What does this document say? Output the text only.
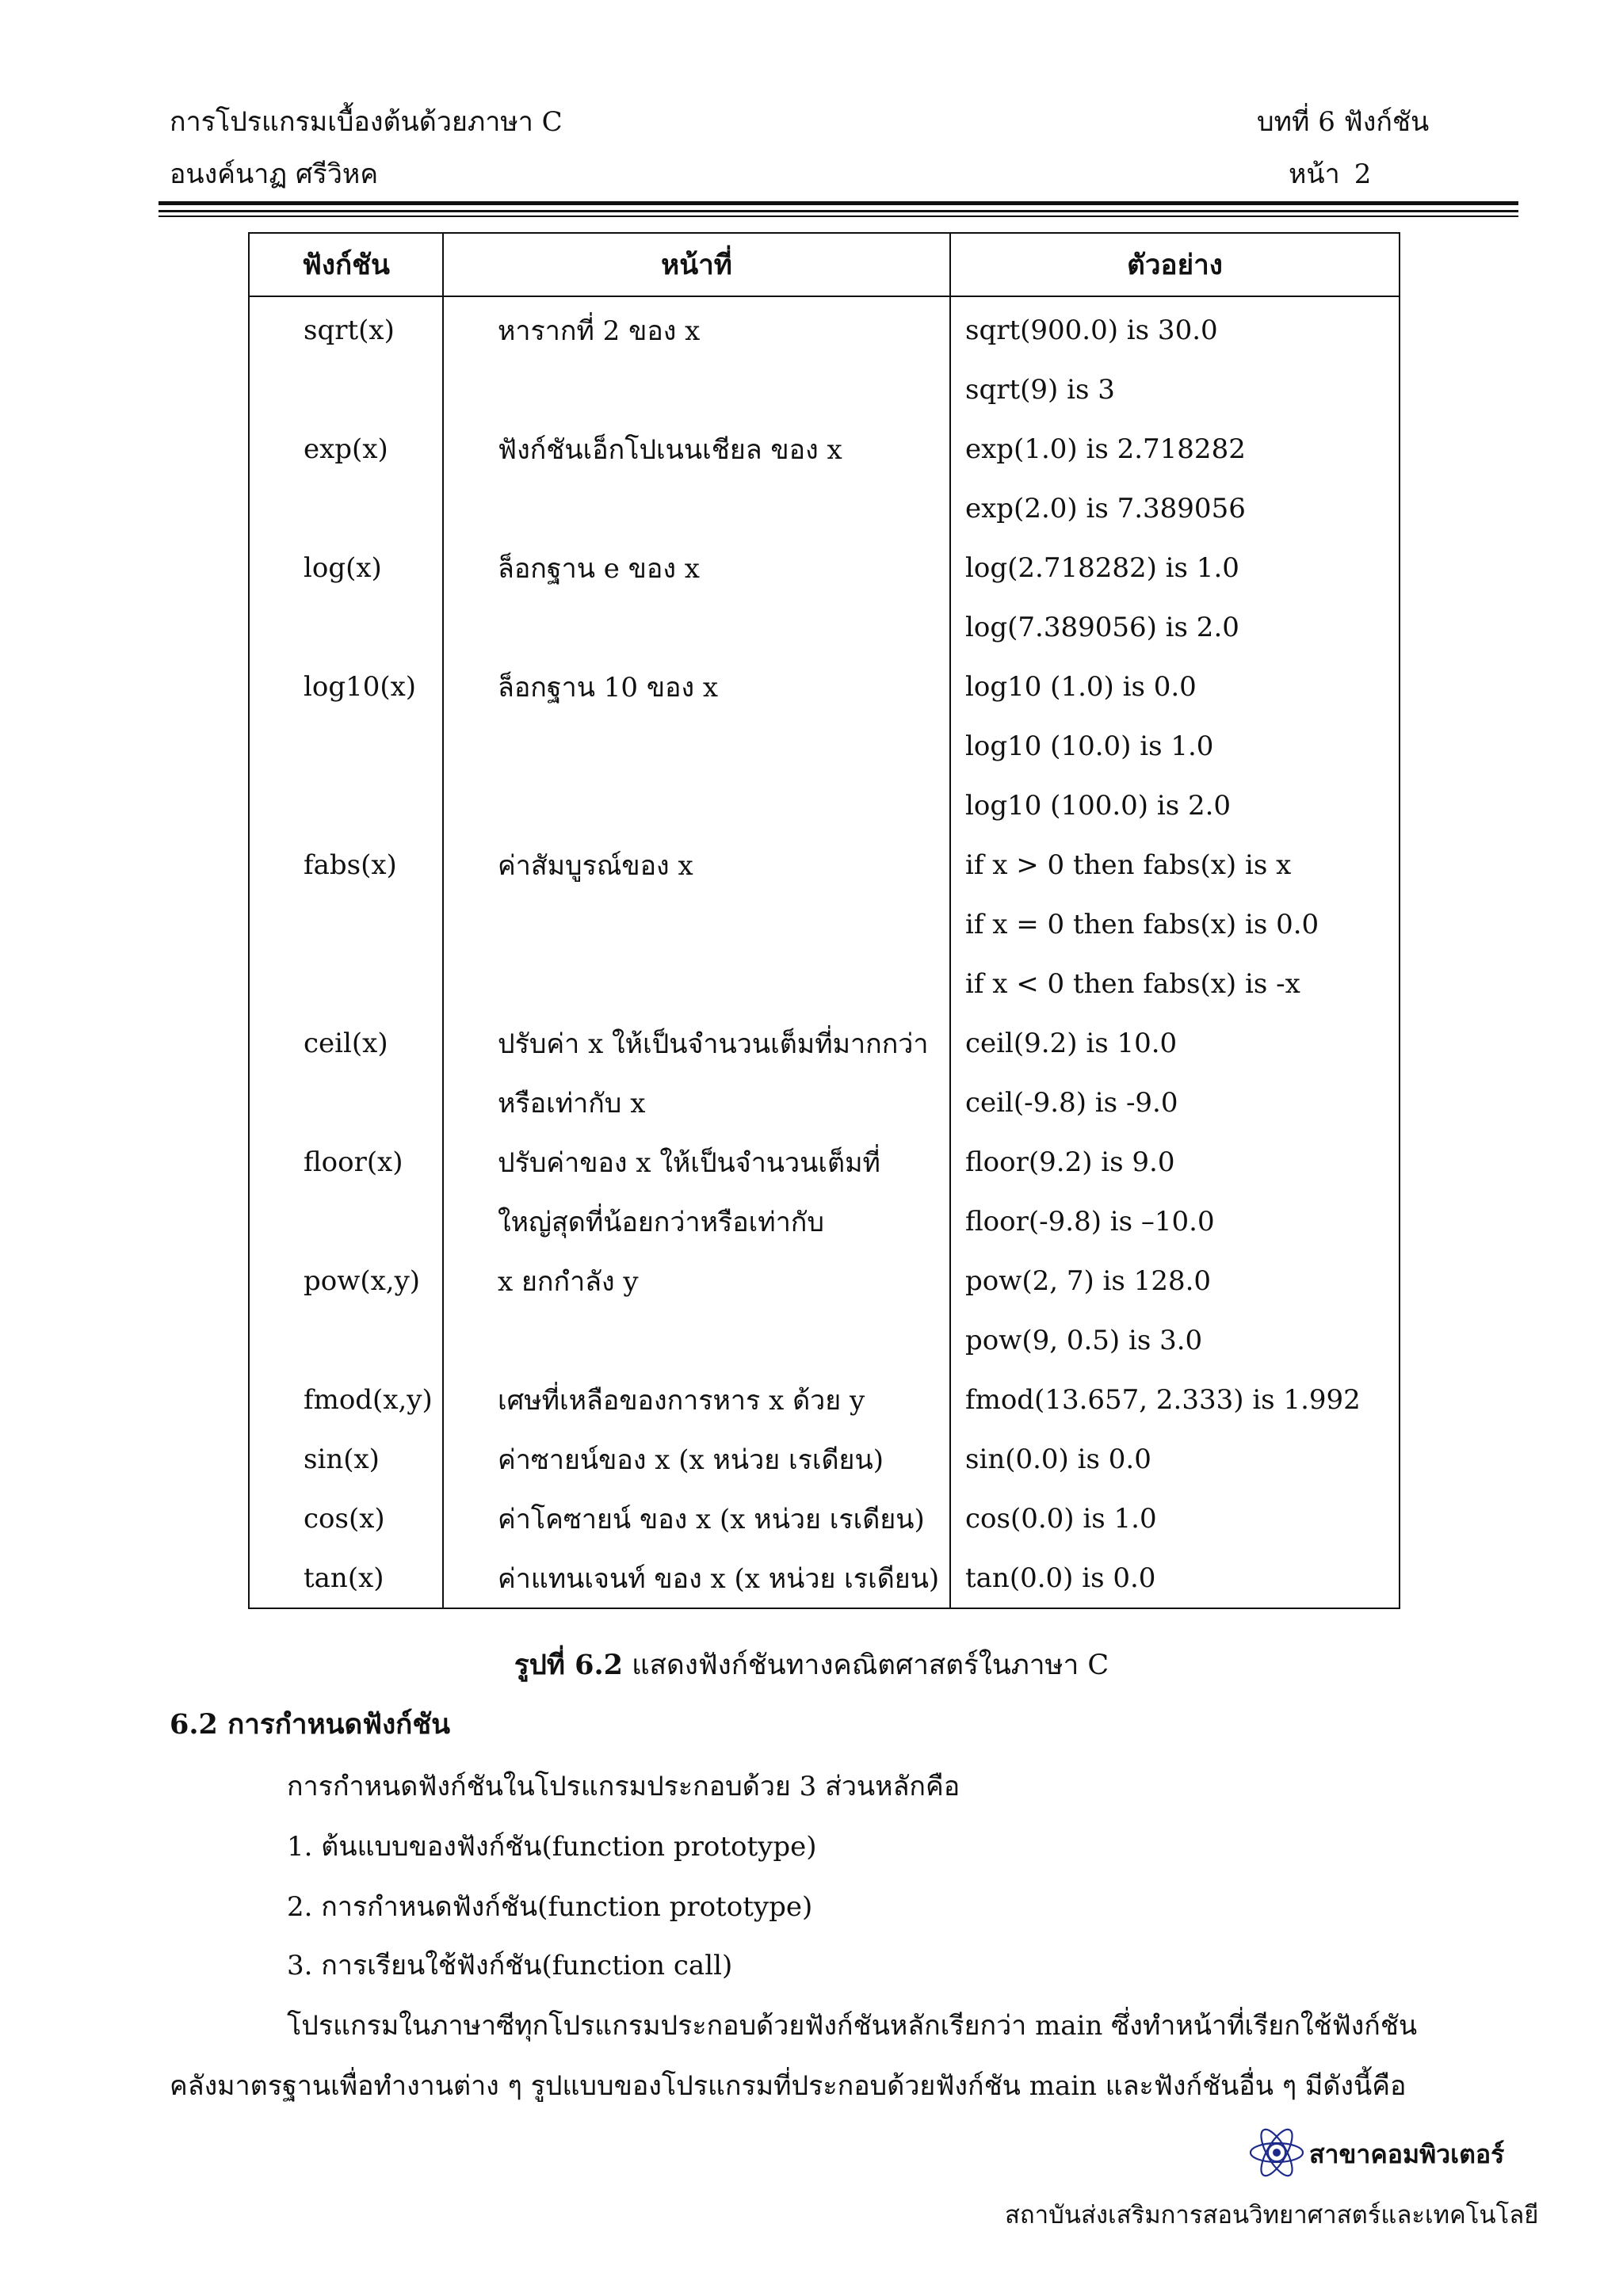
การโปรแกรมเบื้องต้นด้วยภาษา C
อนงค์นาฏ ศรีวิหค
บทที่ 6 ฟังก์ชัน
หน้า 2
ฟังก์ชัน	หน้าที่	ตัวอย่าง
sqrt(x)	หารากที่ 2 ของ x	sqrt(900.0) is 30.0
		sqrt(9) is 3
exp(x)	ฟังก์ชันเอ็กโปเนนเชียล ของ x	exp(1.0) is 2.718282
		exp(2.0) is 7.389056
log(x)	ล็อกฐาน e ของ x	log(2.718282) is 1.0
		log(7.389056) is 2.0
log10(x)	ล็อกฐาน 10 ของ x	log10 (1.0) is 0.0
		log10 (10.0) is 1.0
		log10 (100.0) is 2.0
fabs(x)	ค่าสัมบูรณ์ของ x	if x > 0 then fabs(x) is x
		if x = 0 then fabs(x) is 0.0
		if x < 0 then fabs(x) is -x
ceil(x)	ปรับค่า x ให้เป็นจำนวนเต็มที่มากกว่า	ceil(9.2) is 10.0
	หรือเท่ากับ x	ceil(-9.8) is -9.0
floor(x)	ปรับค่าของ x ให้เป็นจำนวนเต็มที่	floor(9.2) is 9.0
	ใหญ่สุดที่น้อยกว่าหรือเท่ากับ	floor(-9.8) is –10.0
pow(x,y)	x ยกกำลัง y	pow(2, 7) is 128.0
		pow(9, 0.5) is 3.0
fmod(x,y)	เศษที่เหลือของการหาร x ด้วย y	fmod(13.657, 2.333) is 1.992
sin(x)	ค่าซายน์ของ x (x หน่วย เรเดียน)	sin(0.0) is 0.0
cos(x)	ค่าโคซายน์ ของ x (x หน่วย เรเดียน)	cos(0.0) is 1.0
tan(x)	ค่าแทนเจนท์ ของ x (x หน่วย เรเดียน)	tan(0.0) is 0.0
รูปที่ 6.2 แสดงฟังก์ชันทางคณิตศาสตร์ในภาษา C
6.2 การกำหนดฟังก์ชัน
การกำหนดฟังก์ชันในโปรแกรมประกอบด้วย 3 ส่วนหลักคือ
1. ต้นแบบของฟังก์ชัน(function prototype)
2. การกำหนดฟังก์ชัน(function prototype)
3. การเรียนใช้ฟังก์ชัน(function call)
โปรแกรมในภาษาซีทุกโปรแกรมประกอบด้วยฟังก์ชันหลักเรียกว่า main ซึ่งทำหน้าที่เรียกใช้ฟังก์ชัน
คลังมาตรฐานเพื่อทำงานต่าง ๆ รูปแบบของโปรแกรมที่ประกอบด้วยฟังก์ชัน main และฟังก์ชันอื่น ๆ มีดังนี้คือ
สาขาคอมพิวเตอร์
สถาบันส่งเสริมการสอนวิทยาศาสตร์และเทคโนโลยี
